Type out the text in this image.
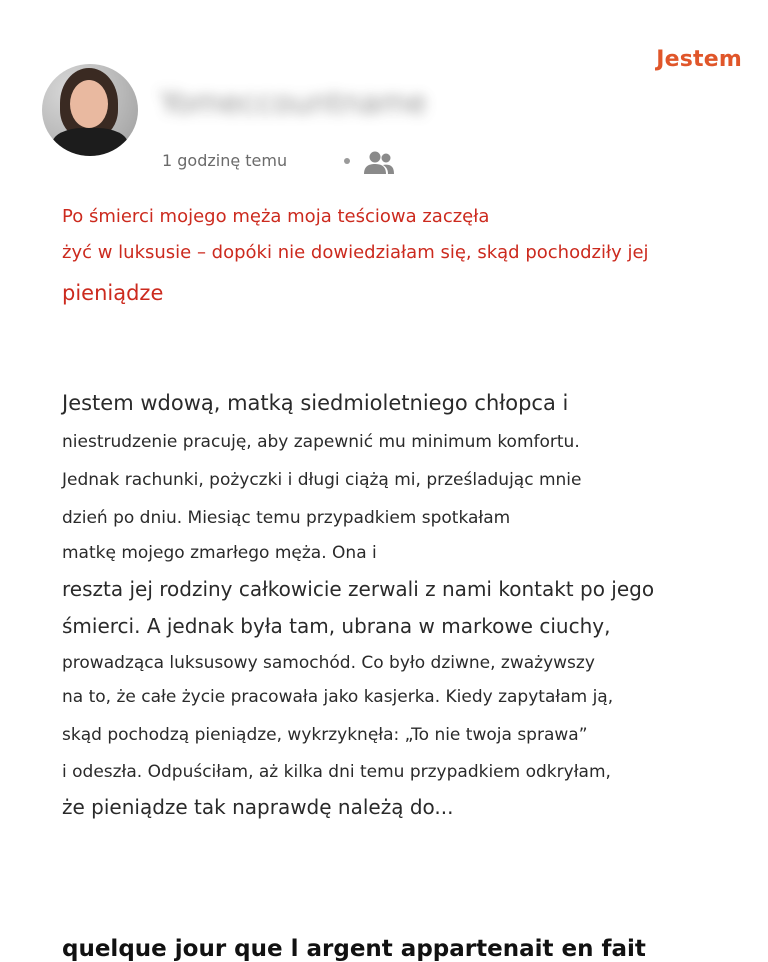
Jestem
Yomeccountname
1 godzinę temu
Po śmierci mojego męża moja teściowa zaczęła
żyć w luksusie – dopóki nie dowiedziałam się, skąd pochodziły jej
pieniądze
Jestem wdową, matką siedmioletniego chłopca i
niestrudzenie pracuję, aby zapewnić mu minimum komfortu.
Jednak rachunki, pożyczki i długi ciążą mi, prześladując mnie
dzień po dniu. Miesiąc temu przypadkiem spotkałam
matkę mojego zmarłego męża. Ona i
reszta jej rodziny całkowicie zerwali z nami kontakt po jego
śmierci. A jednak była tam, ubrana w markowe ciuchy,
prowadząca luksusowy samochód. Co było dziwne, zważywszy
na to, że całe życie pracowała jako kasjerka. Kiedy zapytałam ją,
skąd pochodzą pieniądze, wykrzyknęła: „To nie twoja sprawa”
i odeszła. Odpuściłam, aż kilka dni temu przypadkiem odkryłam,
że pieniądze tak naprawdę należą do...
quelque jour que l argent appartenait en fait
